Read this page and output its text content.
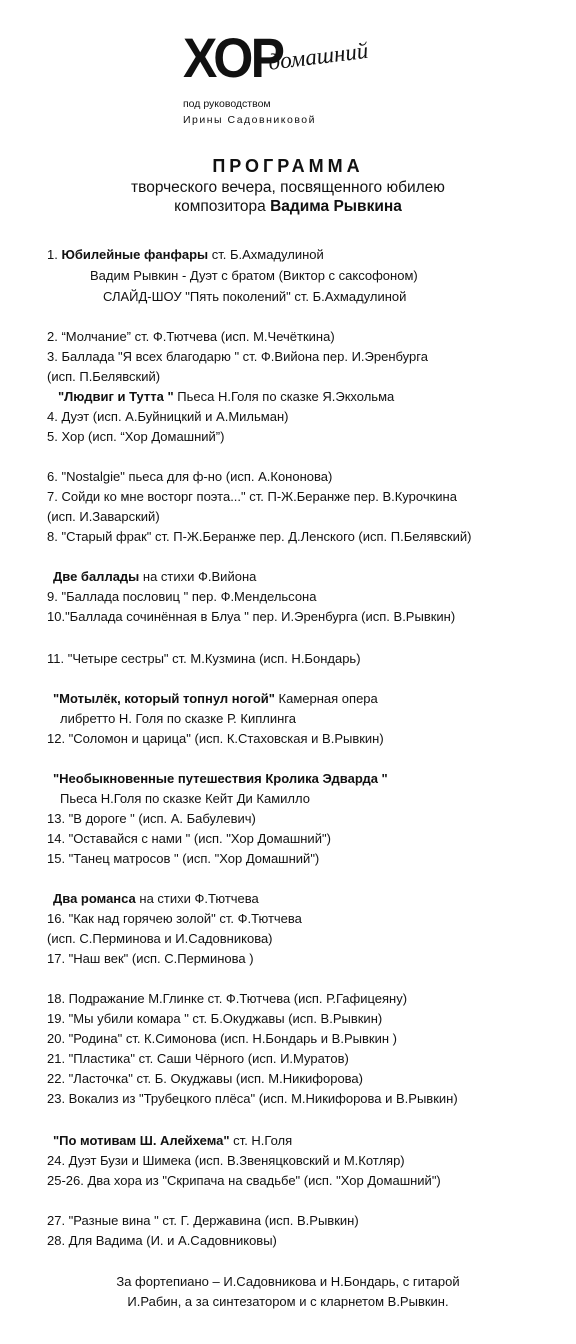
ХОР
домашний
под руководством
Ирины Садовниковой
ПРОГРАММА
творческого вечера, посвященного юбилею
композитора Вадима Рывкина
1. Юбилейные фанфары ст. Б.Ахмадулиной
Вадим Рывкин - Дуэт с братом (Виктор с саксофоном)
СЛАЙД-ШОУ "Пять поколений" ст. Б.Ахмадулиной
2. “Молчание” ст. Ф.Тютчева (исп. М.Чечёткина)
3. Баллада "Я всех благодарю " ст. Ф.Вийона пер. И.Эренбурга
(исп. П.Белявский)
"Людвиг и Тутта " Пьеса Н.Голя по сказке Я.Экхольма
4. Дуэт (исп. А.Буйницкий и А.Мильман)
5. Хор (исп. “Хор Домашний”)
6. "Nostalgie" пьеса для ф-но (исп. А.Кононова)
7. Сойди ко мне восторг поэта..." ст. П-Ж.Беранже пер. В.Курочкина
(исп. И.Заварский)
8. "Старый фрак" ст. П-Ж.Беранже пер. Д.Ленского (исп. П.Белявский)
Две баллады на стихи Ф.Вийона
9. "Баллада пословиц " пер. Ф.Мендельсона
10."Баллада сочинённая в Блуа " пер. И.Эренбурга (исп. В.Рывкин)
11. "Четыре сестры" ст. М.Кузмина (исп. Н.Бондарь)
"Мотылёк, который топнул ногой" Камерная опера
либретто Н. Голя по сказке Р. Киплинга
12. "Соломон и царица" (исп. К.Стаховская и В.Рывкин)
"Необыкновенные путешествия Кролика Эдварда "
Пьеса Н.Голя по сказке Кейт Ди Камилло
13. "В дороге " (исп. А. Бабулевич)
14. "Оставайся с нами " (исп. "Хор Домашний")
15. "Танец матросов " (исп. "Хор Домашний")
Два романса на стихи Ф.Тютчева
16. "Как над горячею золой" ст. Ф.Тютчева
(исп. С.Перминова и И.Садовникова)
17. "Наш век" (исп. С.Перминова )
18. Подражание М.Глинке ст. Ф.Тютчева (исп. Р.Гафицеяну)
19. "Мы убили комара " ст. Б.Окуджавы (исп. В.Рывкин)
20. "Родина" ст. К.Симонова (исп. Н.Бондарь и В.Рывкин )
21. "Пластика" ст. Саши Чёрного (исп. И.Муратов)
22. "Ласточка" ст. Б. Окуджавы (исп. М.Никифорова)
23. Вокализ из "Трубецкого плёса" (исп. М.Никифорова и В.Рывкин)
"По мотивам Ш. Алейхема" ст. Н.Голя
24. Дуэт Бузи и Шимека (исп. В.Звеняцковский и М.Котляр)
25-26. Два хора из "Скрипача на свадьбе" (исп. "Хор Домашний")
27. "Разные вина " ст. Г. Державина (исп. В.Рывкин)
28. Для Вадима (И. и А.Садовниковы)
За фортепиано – И.Садовникова и Н.Бондарь, с гитарой
И.Рабин, а за синтезатором и с кларнетом В.Рывкин.
